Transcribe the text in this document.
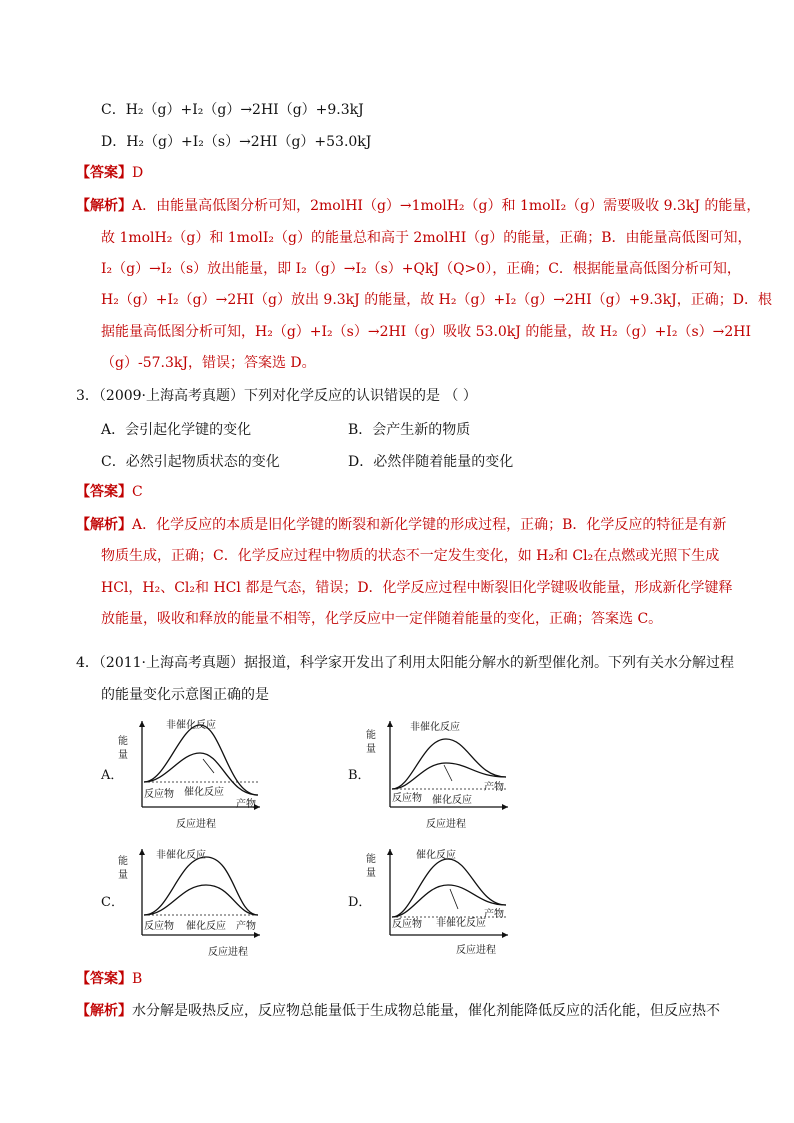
C．H₂（g）+I₂（g）→2HI（g）+9.3kJ
D．H₂（g）+I₂（s）→2HI（g）+53.0kJ
【答案】D
【解析】A．由能量高低图分析可知，2molHI（g）→1molH₂（g）和 1molI₂（g）需要吸收 9.3kJ 的能量，
故 1molH₂（g）和 1molI₂（g）的能量总和高于 2molHI（g）的能量，正确；B．由能量高低图可知，
I₂（g）→I₂（s）放出能量，即 I₂（g）→I₂（s）+QkJ（Q>0），正确；C．根据能量高低图分析可知，
H₂（g）+I₂（g）→2HI（g）放出 9.3kJ 的能量，故 H₂（g）+I₂（g）→2HI（g）+9.3kJ，正确；D．根
据能量高低图分析可知，H₂（g）+I₂（s）→2HI（g）吸收 53.0kJ 的能量，故 H₂（g）+I₂（s）→2HI
（g）-57.3kJ，错误；答案选 D。
3．（2009·上海高考真题）下列对化学反应的认识错误的是 （ ）
A．会引起化学键的变化	B．会产生新的物质
C．必然引起物质状态的变化	D．必然伴随着能量的变化
【答案】C
【解析】A．化学反应的本质是旧化学键的断裂和新化学键的形成过程，正确；B．化学反应的特征是有新
物质生成，正确；C．化学反应过程中物质的状态不一定发生变化，如 H₂和 Cl₂在点燃或光照下生成
HCl，H₂、Cl₂和 HCl 都是气态，错误；D．化学反应过程中断裂旧化学键吸收能量，形成新化学键释
放能量，吸收和释放的能量不相等，化学反应中一定伴随着能量的变化，正确；答案选 C。
4．（2011·上海高考真题）据报道，科学家开发出了利用太阳能分解水的新型催化剂。下列有关水分解过程
的能量变化示意图正确的是
A．
能量
非催化反应
催化反应
反应物
产物
反应进程
B．
能量
非催化反应
催化反应
反应物
产物
反应进程
C．
能量
非催化反应
催化反应
反应物	产物
反应进程
D．
能量
催化反应
非催化反应
反应物
产物
反应进程
【答案】B
【解析】水分解是吸热反应，反应物总能量低于生成物总能量，催化剂能降低反应的活化能，但反应热不
